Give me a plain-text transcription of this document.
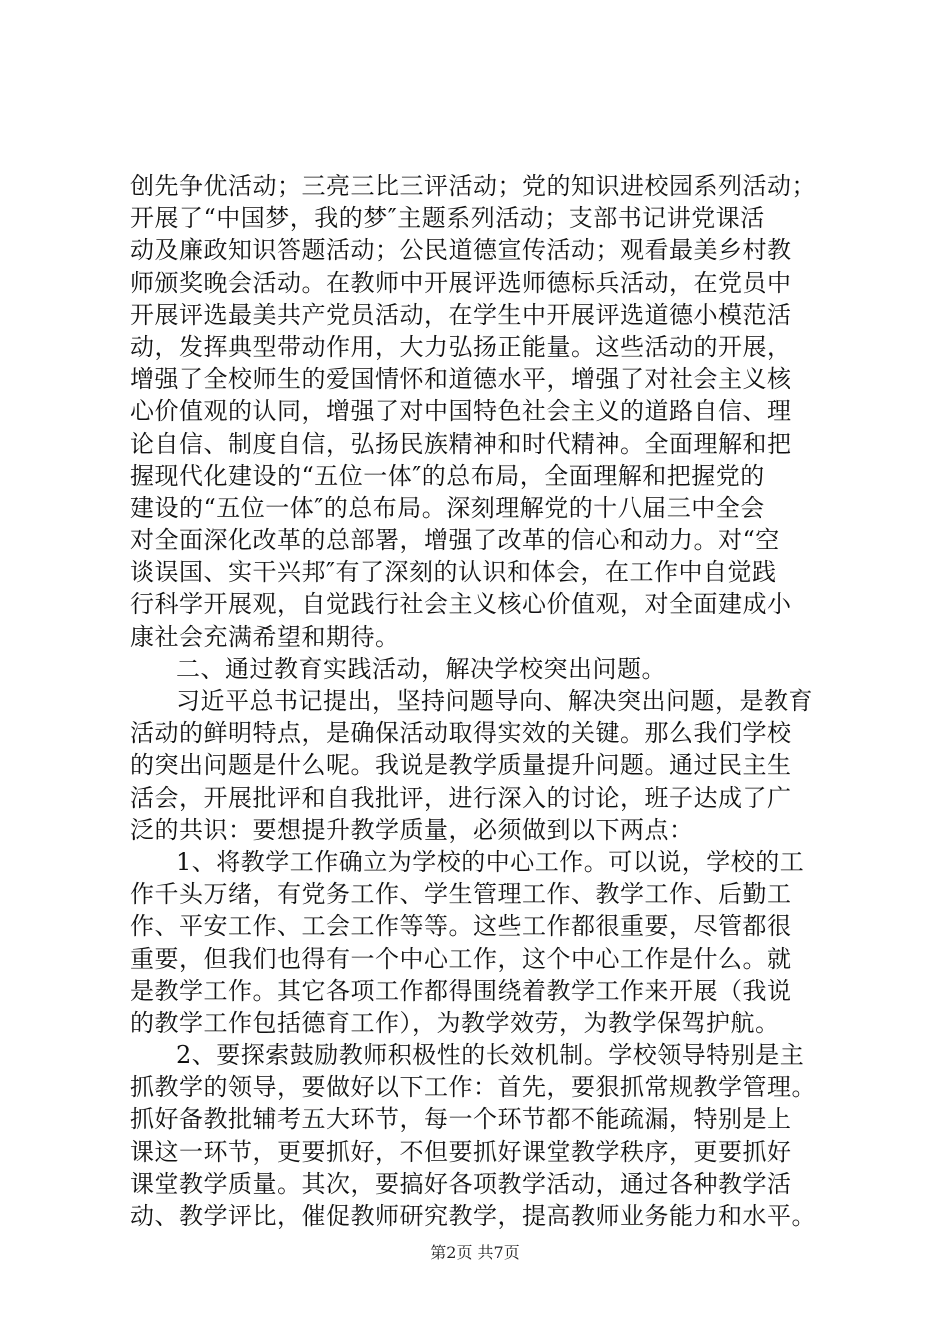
创先争优活动；三亮三比三评活动；党的知识进校园系列活动；
开展了“中国梦，我的梦″主题系列活动；支部书记讲党课活
动及廉政知识答题活动；公民道德宣传活动；观看最美乡村教
师颁奖晚会活动。在教师中开展评选师德标兵活动，在党员中
开展评选最美共产党员活动，在学生中开展评选道德小模范活
动，发挥典型带动作用，大力弘扬正能量。这些活动的开展，
增强了全校师生的爱国情怀和道德水平，增强了对社会主义核
心价值观的认同，增强了对中国特色社会主义的道路自信、理
论自信、制度自信，弘扬民族精神和时代精神。全面理解和把
握现代化建设的“五位一体″的总布局，全面理解和把握党的
建设的“五位一体″的总布局。深刻理解党的十八届三中全会
对全面深化改革的总部署，增强了改革的信心和动力。对“空
谈误国、实干兴邦″有了深刻的认识和体会，在工作中自觉践
行科学开展观，自觉践行社会主义核心价值观，对全面建成小
康社会充满希望和期待。
二、通过教育实践活动，解决学校突出问题。
习近平总书记提出，坚持问题导向、解决突出问题，是教育
活动的鲜明特点，是确保活动取得实效的关键。那么我们学校
的突出问题是什么呢。我说是教学质量提升问题。通过民主生
活会，开展批评和自我批评，进行深入的讨论，班子达成了广
泛的共识：要想提升教学质量，必须做到以下两点：
1、将教学工作确立为学校的中心工作。可以说，学校的工
作千头万绪，有党务工作、学生管理工作、教学工作、后勤工
作、平安工作、工会工作等等。这些工作都很重要，尽管都很
重要，但我们也得有一个中心工作，这个中心工作是什么。就
是教学工作。其它各项工作都得围绕着教学工作来开展（我说
的教学工作包括德育工作），为教学效劳，为教学保驾护航。
2、要探索鼓励教师积极性的长效机制。学校领导特别是主
抓教学的领导，要做好以下工作：首先，要狠抓常规教学管理。
抓好备教批辅考五大环节，每一个环节都不能疏漏，特别是上
课这一环节，更要抓好，不但要抓好课堂教学秩序，更要抓好
课堂教学质量。其次，要搞好各项教学活动，通过各种教学活
动、教学评比，催促教师研究教学，提高教师业务能力和水平。
第2页 共7页
